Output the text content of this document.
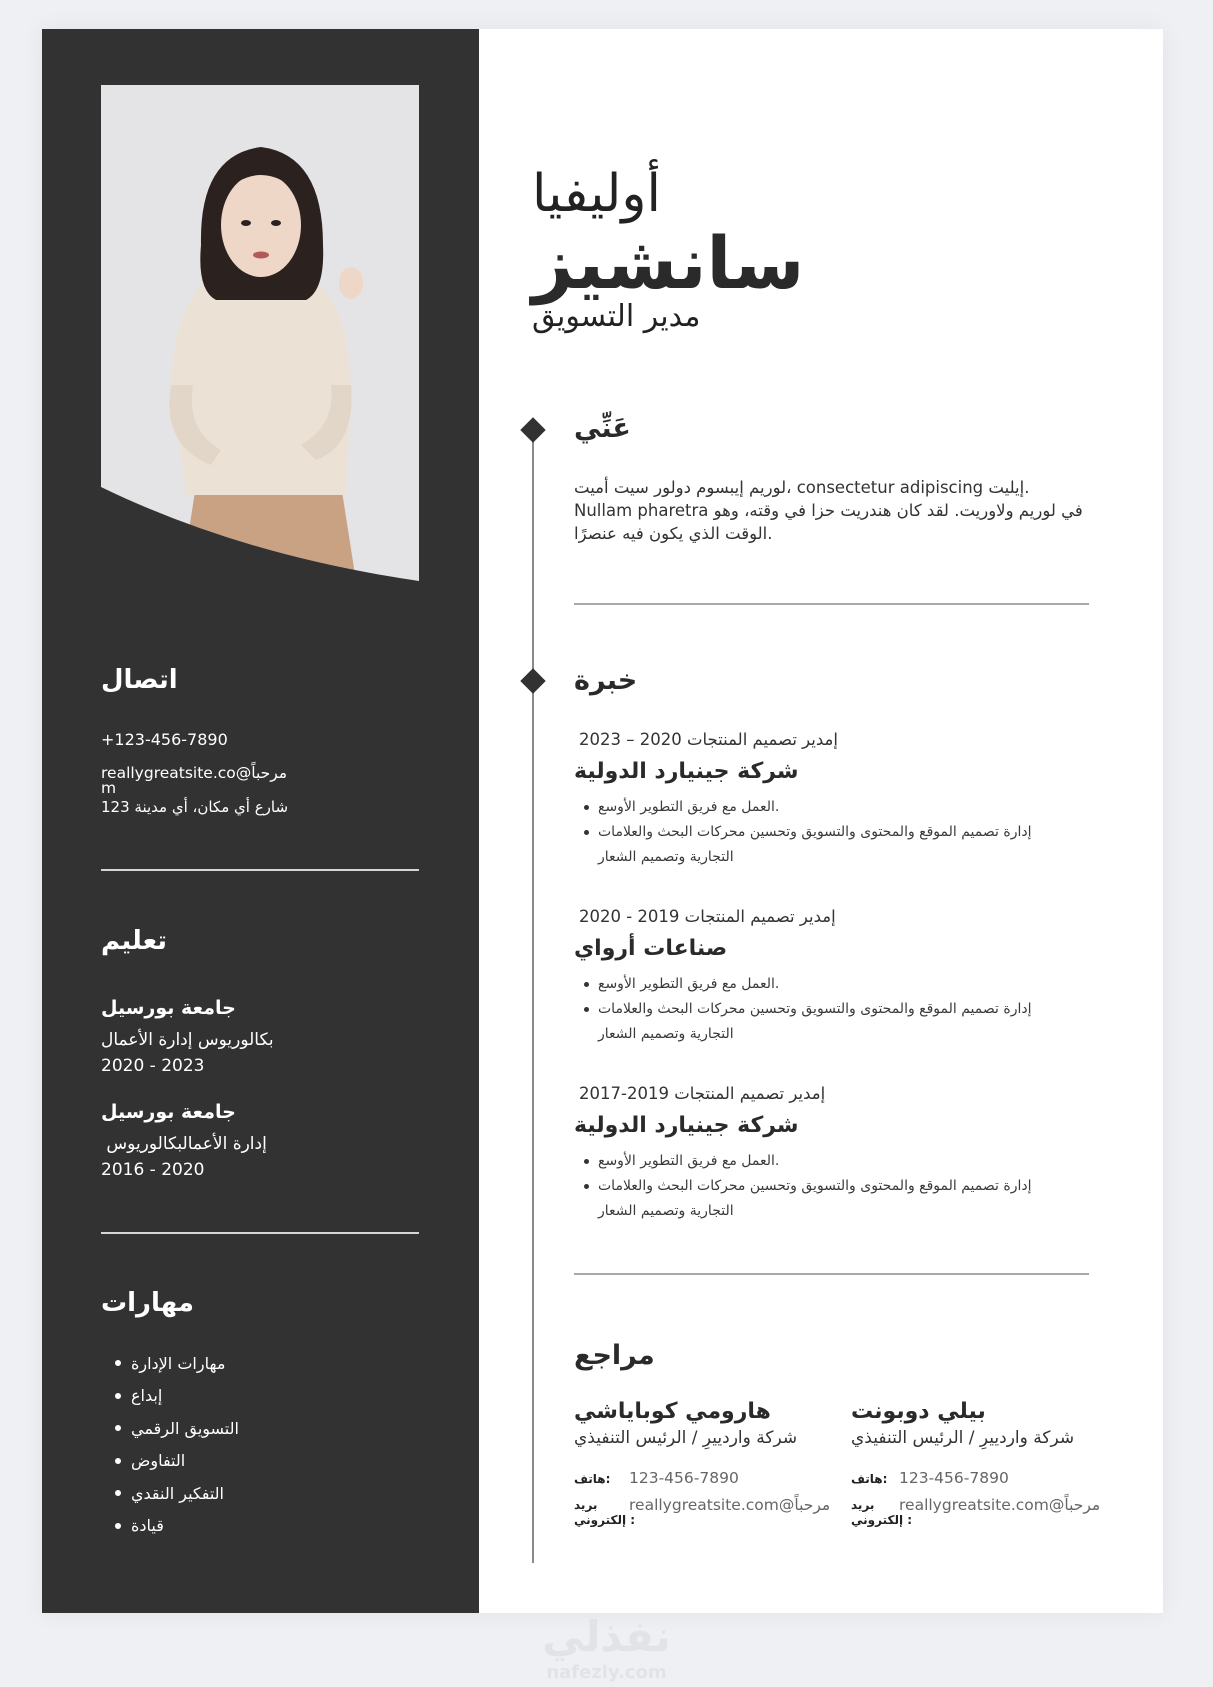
اتصال
+123-456-7890
reallygreatsite.co@مرحباً
m
123 شارع أي مكان، أي مدينة
تعليم
جامعة بورسيل
بكالوريوس إدارة الأعمال
2020 - 2023
جامعة بورسيل
إدارة الأعمالبكالوريوس
2016 - 2020
مهارات
مهارات الإدارة
إبداع
التسويق الرقمي
التفاوض
التفكير النقدي
قيادة
أوليفيا
سانشيز
مدير التسويق
عَنِّي
لوريم إيبسوم دولور سيت أميت، consectetur adipiscing إيليت. Nullam pharetra في لوريم ولاوريت. لقد كان هندريت حزا في وقته، وهو الوقت الذي يكون فيه عنصرًا.
خبرة
2023 – 2020 إمدير تصميم المنتجات
شركة جينيارد الدولية
العمل مع فريق التطوير الأوسع.
إدارة تصميم الموقع والمحتوى والتسويق وتحسين محركات البحث والعلامات التجارية وتصميم الشعار
2020 - 2019 إمدير تصميم المنتجات
صناعات أرواي
العمل مع فريق التطوير الأوسع.
إدارة تصميم الموقع والمحتوى والتسويق وتحسين محركات البحث والعلامات التجارية وتصميم الشعار
2017-2019 إمدير تصميم المنتجات
شركة جينيارد الدولية
العمل مع فريق التطوير الأوسع.
إدارة تصميم الموقع والمحتوى والتسويق وتحسين محركات البحث والعلامات التجارية وتصميم الشعار
مراجع
هارومي كوباياشي
شركة واردييرِ / الرئيس التنفيذي
هاتف: 123-456-7890
بريد
إلكتروني :
reallygreatsite.com@مرحباً
بيلي دوبونت
شركة واردييرِ / الرئيس التنفيذي
هاتف: 123-456-7890
بريد
إلكتروني :
reallygreatsite.com@مرحباً
نفذلي
nafezly.com
